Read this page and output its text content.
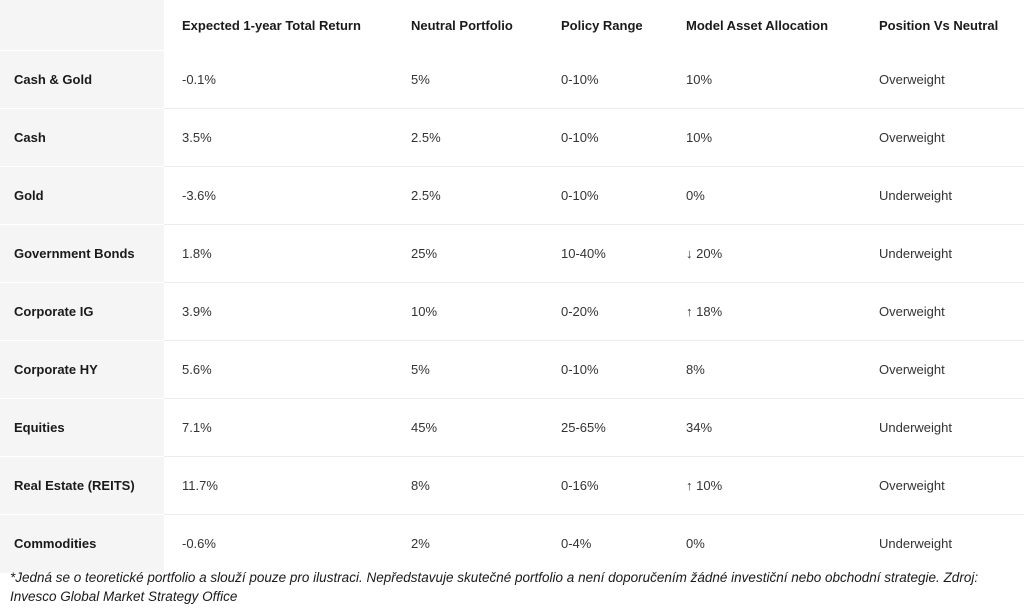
	Expected 1-year Total Return	Neutral Portfolio	Policy Range	Model Asset Allocation	Position Vs Neutral
Cash & Gold	-0.1%	5%	0-10%	10%	Overweight
Cash	3.5%	2.5%	0-10%	10%	Overweight
Gold	-3.6%	2.5%	0-10%	0%	Underweight
Government Bonds	1.8%	25%	10-40%	↓ 20%	Underweight
Corporate IG	3.9%	10%	0-20%	↑ 18%	Overweight
Corporate HY	5.6%	5%	0-10%	8%	Overweight
Equities	7.1%	45%	25-65%	34%	Underweight
Real Estate (REITS)	11.7%	8%	0-16%	↑ 10%	Overweight
Commodities	-0.6%	2%	0-4%	0%	Underweight
*Jedná se o teoretické portfolio a slouží pouze pro ilustraci. Nepředstavuje skutečné portfolio a není doporučením žádné investiční nebo obchodní strategie. Zdroj: Invesco Global Market Strategy Office
